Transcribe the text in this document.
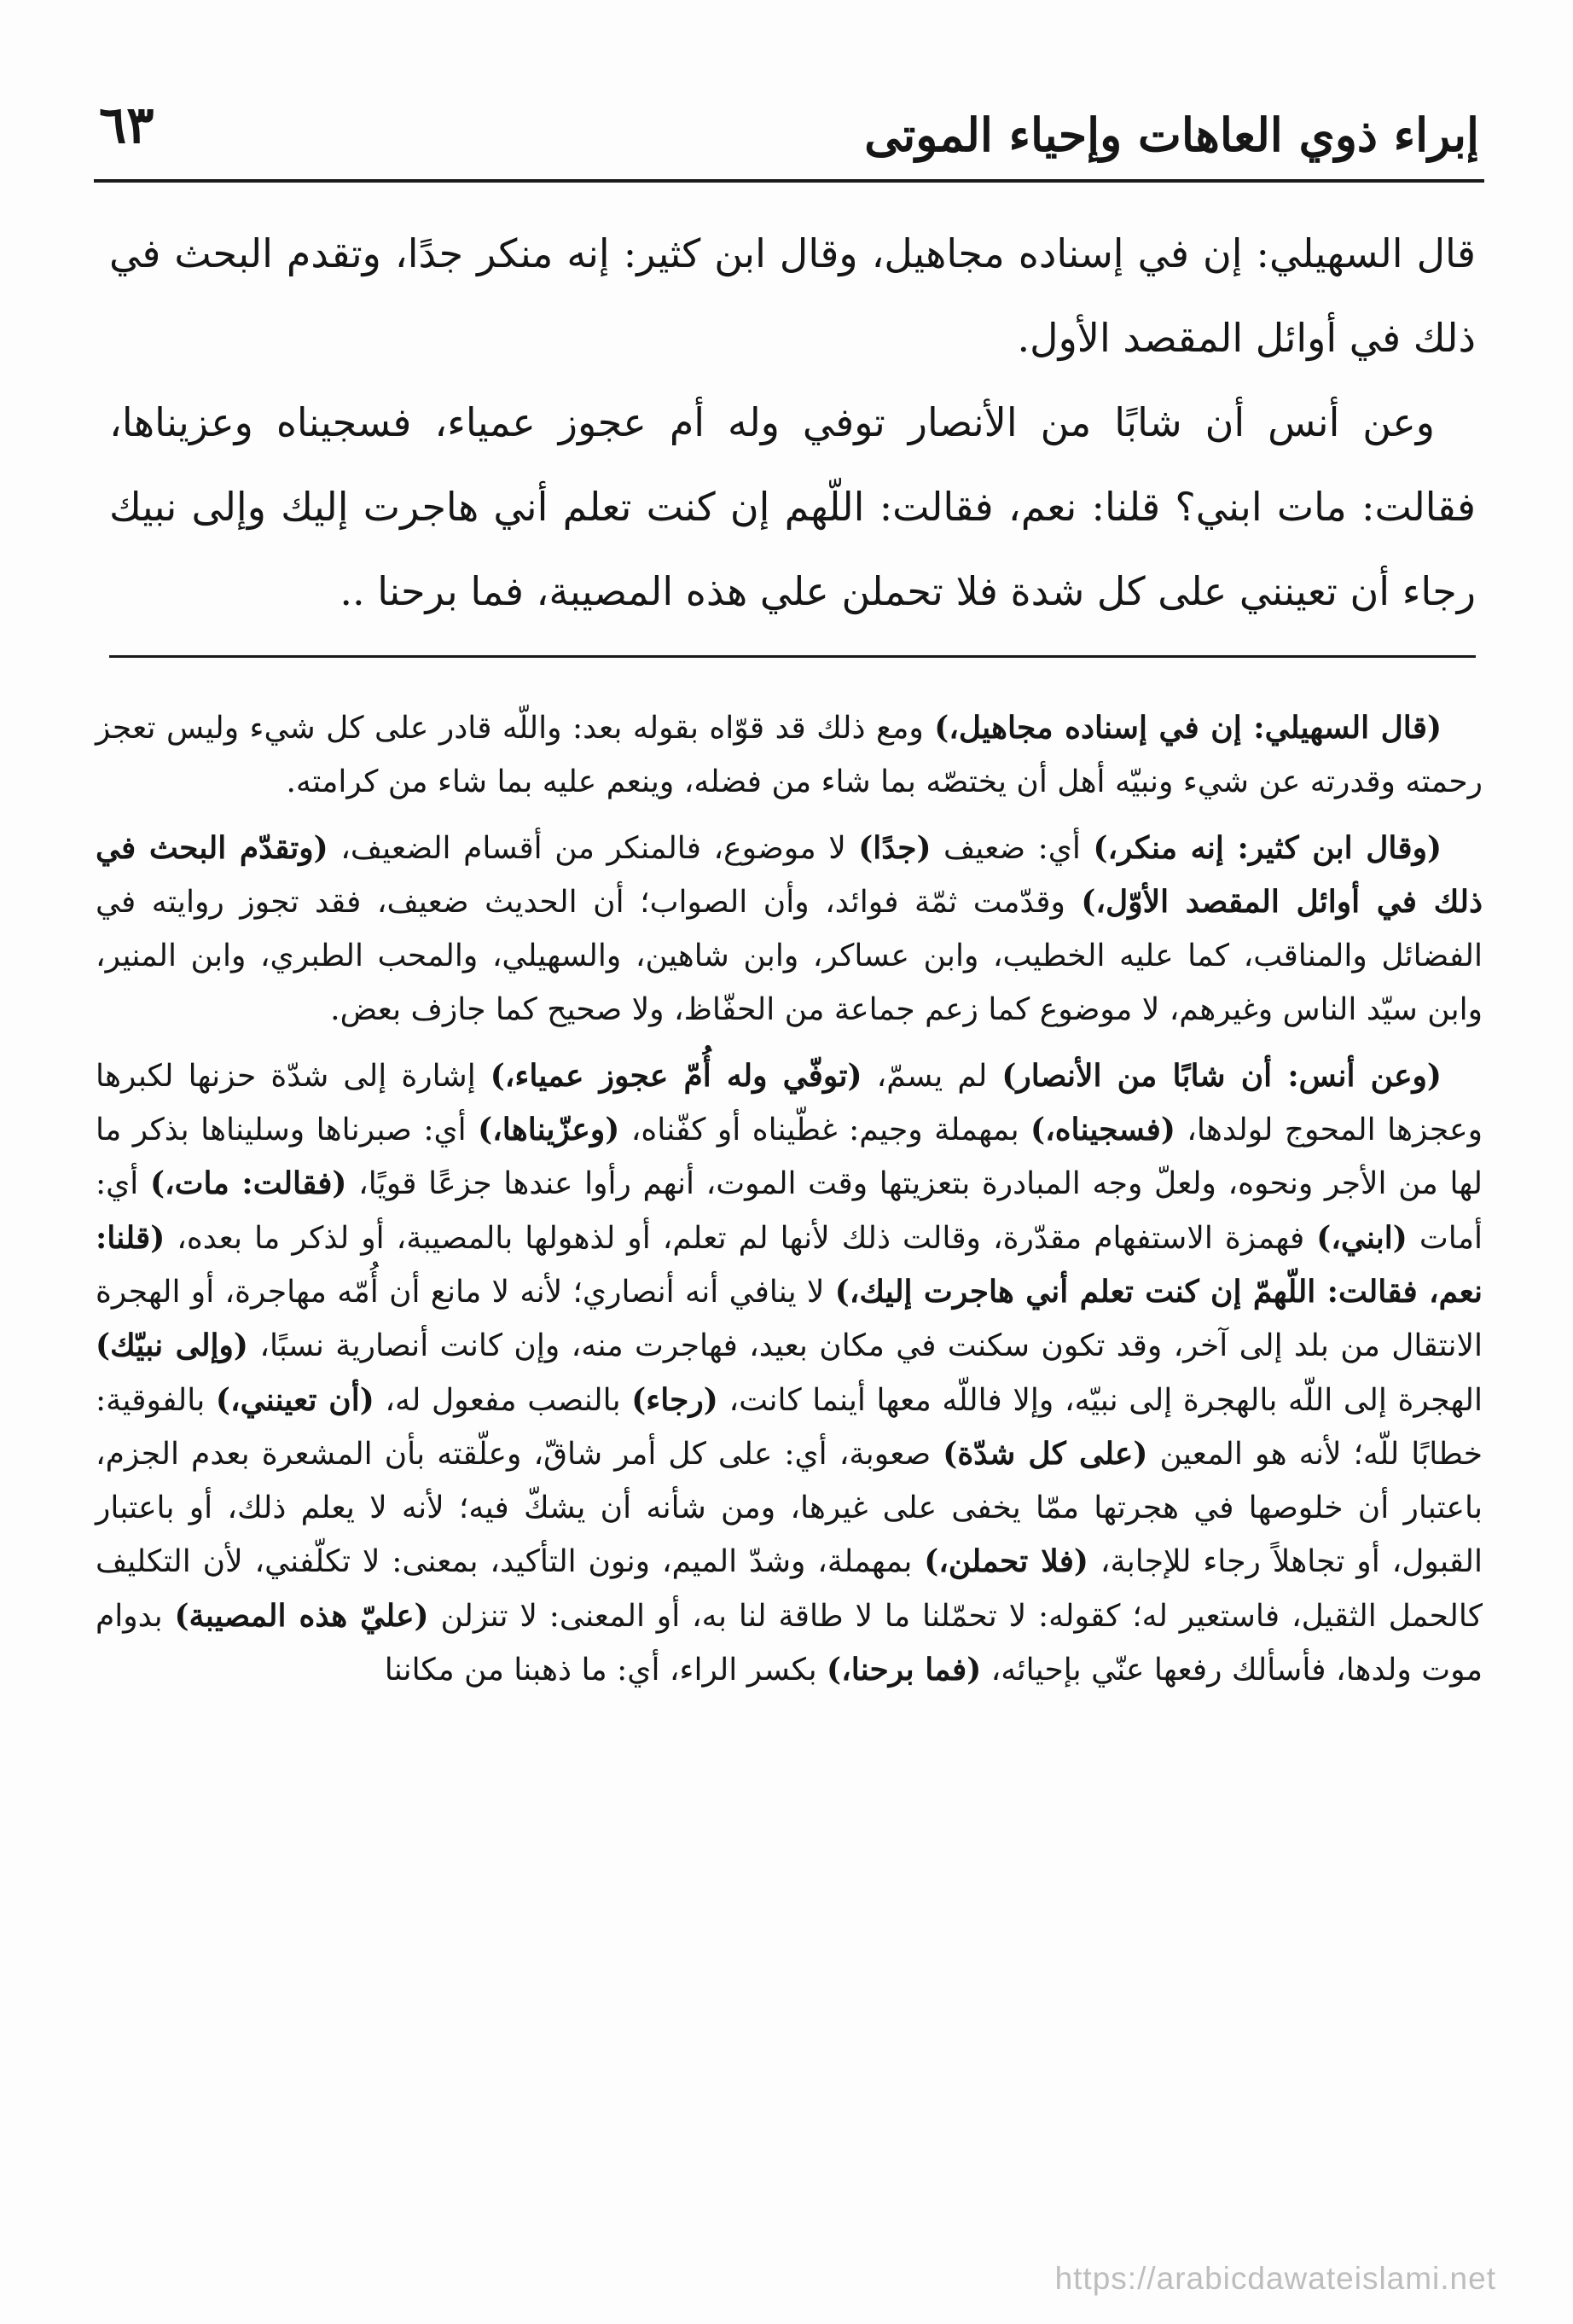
إبراء ذوي العاهات وإحياء الموتى
٦٣

قال السهيلي: إن في إسناده مجاهيل، وقال ابن كثير: إنه منكر جدًا، وتقدم البحث في ذلك في أوائل المقصد الأول.

وعن أنس أن شابًا من الأنصار توفي وله أم عجوز عمياء، فسجيناه وعزيناها، فقالت: مات ابني؟ قلنا: نعم، فقالت: اللّهم إن كنت تعلم أني هاجرت إليك وإلى نبيك رجاء أن تعينني على كل شدة فلا تحملن علي هذه المصيبة، فما برحنا ..

(قال السهيلي: إن في إسناده مجاهيل،) ومع ذلك قد قوّاه بقوله بعد: واللّه قادر على كل شيء وليس تعجز رحمته وقدرته عن شيء ونبيّه أهل أن يختصّه بما شاء من فضله، وينعم عليه بما شاء من كرامته.

(وقال ابن كثير: إنه منكر،) أي: ضعيف (جدًا) لا موضوع، فالمنكر من أقسام الضعيف، (وتقدّم البحث في ذلك في أوائل المقصد الأوّل،) وقدّمت ثمّة فوائد، وأن الصواب؛ أن الحديث ضعيف، فقد تجوز روايته في الفضائل والمناقب، كما عليه الخطيب، وابن عساكر، وابن شاهين، والسهيلي، والمحب الطبري، وابن المنير، وابن سيّد الناس وغيرهم، لا موضوع كما زعم جماعة من الحفّاظ، ولا صحيح كما جازف بعض.

(وعن أنس: أن شابًا من الأنصار) لم يسمّ، (توفّي وله أُمّ عجوز عمياء،) إشارة إلى شدّة حزنها لكبرها وعجزها المحوج لولدها، (فسجيناه،) بمهملة وجيم: غطّيناه أو كفّناه، (وعزّيناها،) أي: صبرناها وسليناها بذكر ما لها من الأجر ونحوه، ولعلّ وجه المبادرة بتعزيتها وقت الموت، أنهم رأوا عندها جزعًا قويًا، (فقالت: مات،) أي: أمات (ابني،) فهمزة الاستفهام مقدّرة، وقالت ذلك لأنها لم تعلم، أو لذهولها بالمصيبة، أو لذكر ما بعده، (قلنا: نعم، فقالت: اللّهمّ إن كنت تعلم أني هاجرت إليك،) لا ينافي أنه أنصاري؛ لأنه لا مانع أن أُمّه مهاجرة، أو الهجرة الانتقال من بلد إلى آخر، وقد تكون سكنت في مكان بعيد، فهاجرت منه، وإن كانت أنصارية نسبًا، (وإلى نبيّك) الهجرة إلى اللّه بالهجرة إلى نبيّه، وإلا فاللّه معها أينما كانت، (رجاء) بالنصب مفعول له، (أن تعينني،) بالفوقية: خطابًا للّه؛ لأنه هو المعين (على كل شدّة) صعوبة، أي: على كل أمر شاقّ، وعلّقته بأن المشعرة بعدم الجزم، باعتبار أن خلوصها في هجرتها ممّا يخفى على غيرها، ومن شأنه أن يشكّ فيه؛ لأنه لا يعلم ذلك، أو باعتبار القبول، أو تجاهلاً رجاء للإجابة، (فلا تحملن،) بمهملة، وشدّ الميم، ونون التأكيد، بمعنى: لا تكلّفني، لأن التكليف كالحمل الثقيل، فاستعير له؛ كقوله: لا تحمّلنا ما لا طاقة لنا به، أو المعنى: لا تنزلن (عليّ هذه المصيبة) بدوام موت ولدها، فأسألك رفعها عنّي بإحيائه، (فما برحنا،) بكسر الراء، أي: ما ذهبنا من مكاننا

https://arabicdawateislami.net
